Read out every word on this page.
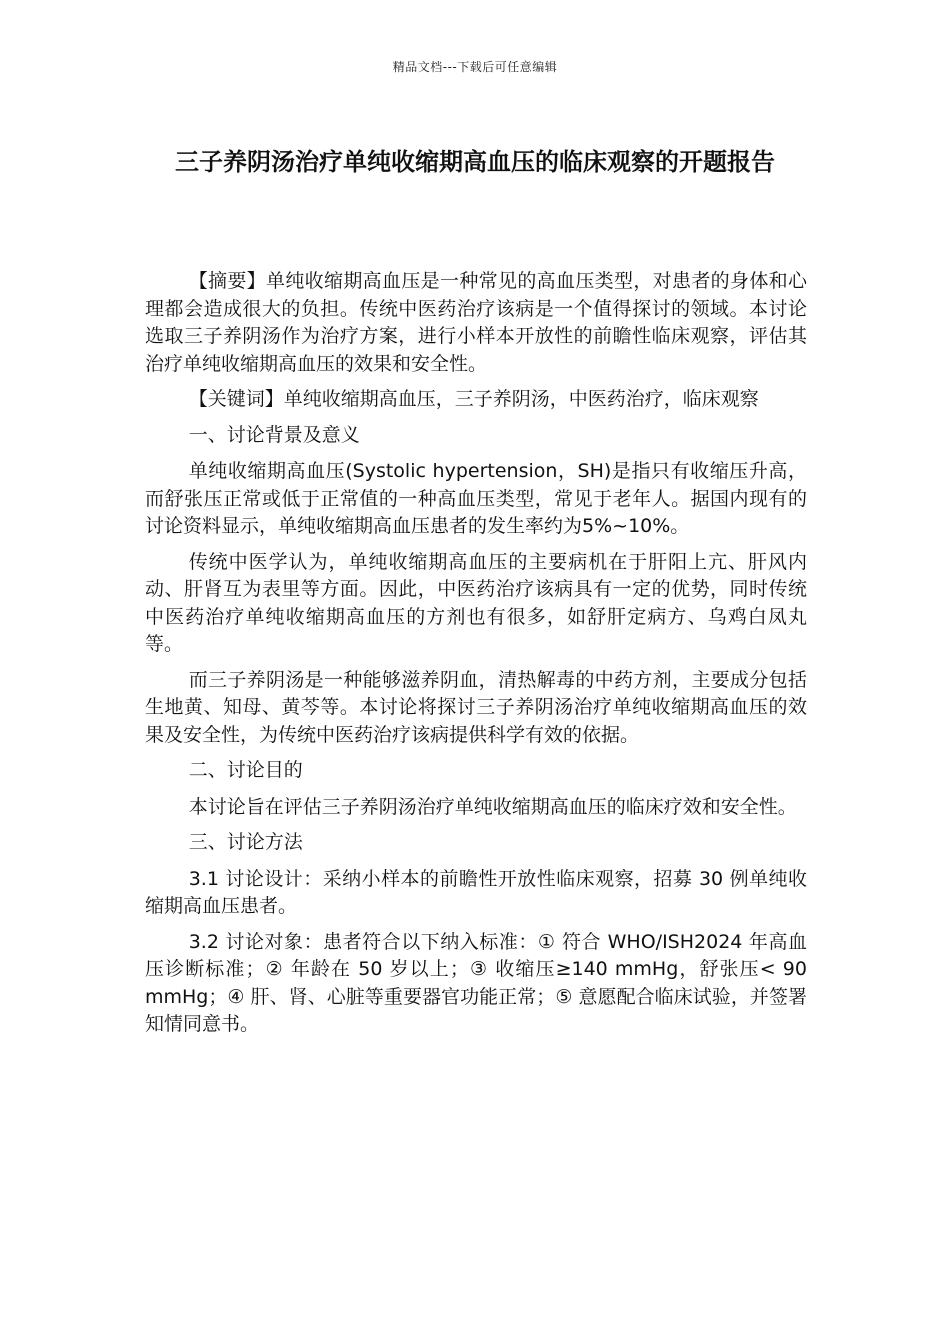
精品文档---下载后可任意编辑
三子养阴汤治疗单纯收缩期高血压的临床观察的开题报告

【摘要】单纯收缩期高血压是一种常见的高血压类型，对患者的身体和心理都会造成很大的负担。传统中医药治疗该病是一个值得探讨的领域。本讨论选取三子养阴汤作为治疗方案，进行小样本开放性的前瞻性临床观察，评估其治疗单纯收缩期高血压的效果和安全性。

【关键词】单纯收缩期高血压，三子养阴汤，中医药治疗，临床观察

一、讨论背景及意义

单纯收缩期高血压(Systolic hypertension，SH)是指只有收缩压升高，而舒张压正常或低于正常值的一种高血压类型，常见于老年人。据国内现有的讨论资料显示，单纯收缩期高血压患者的发生率约为5%~10%。

传统中医学认为，单纯收缩期高血压的主要病机在于肝阳上亢、肝风内动、肝肾互为表里等方面。因此，中医药治疗该病具有一定的优势，同时传统中医药治疗单纯收缩期高血压的方剂也有很多，如舒肝定病方、乌鸡白凤丸等。

而三子养阴汤是一种能够滋养阴血，清热解毒的中药方剂，主要成分包括生地黄、知母、黄芩等。本讨论将探讨三子养阴汤治疗单纯收缩期高血压的效果及安全性，为传统中医药治疗该病提供科学有效的依据。

二、讨论目的

本讨论旨在评估三子养阴汤治疗单纯收缩期高血压的临床疗效和安全性。

三、讨论方法

3.1 讨论设计：采纳小样本的前瞻性开放性临床观察，招募 30 例单纯收缩期高血压患者。

3.2 讨论对象：患者符合以下纳入标准：① 符合 WHO/ISH2024 年高血压诊断标准；② 年龄在 50 岁以上；③ 收缩压≥140 mmHg，舒张压< 90 mmHg；④ 肝、肾、心脏等重要器官功能正常；⑤ 意愿配合临床试验，并签署知情同意书。
